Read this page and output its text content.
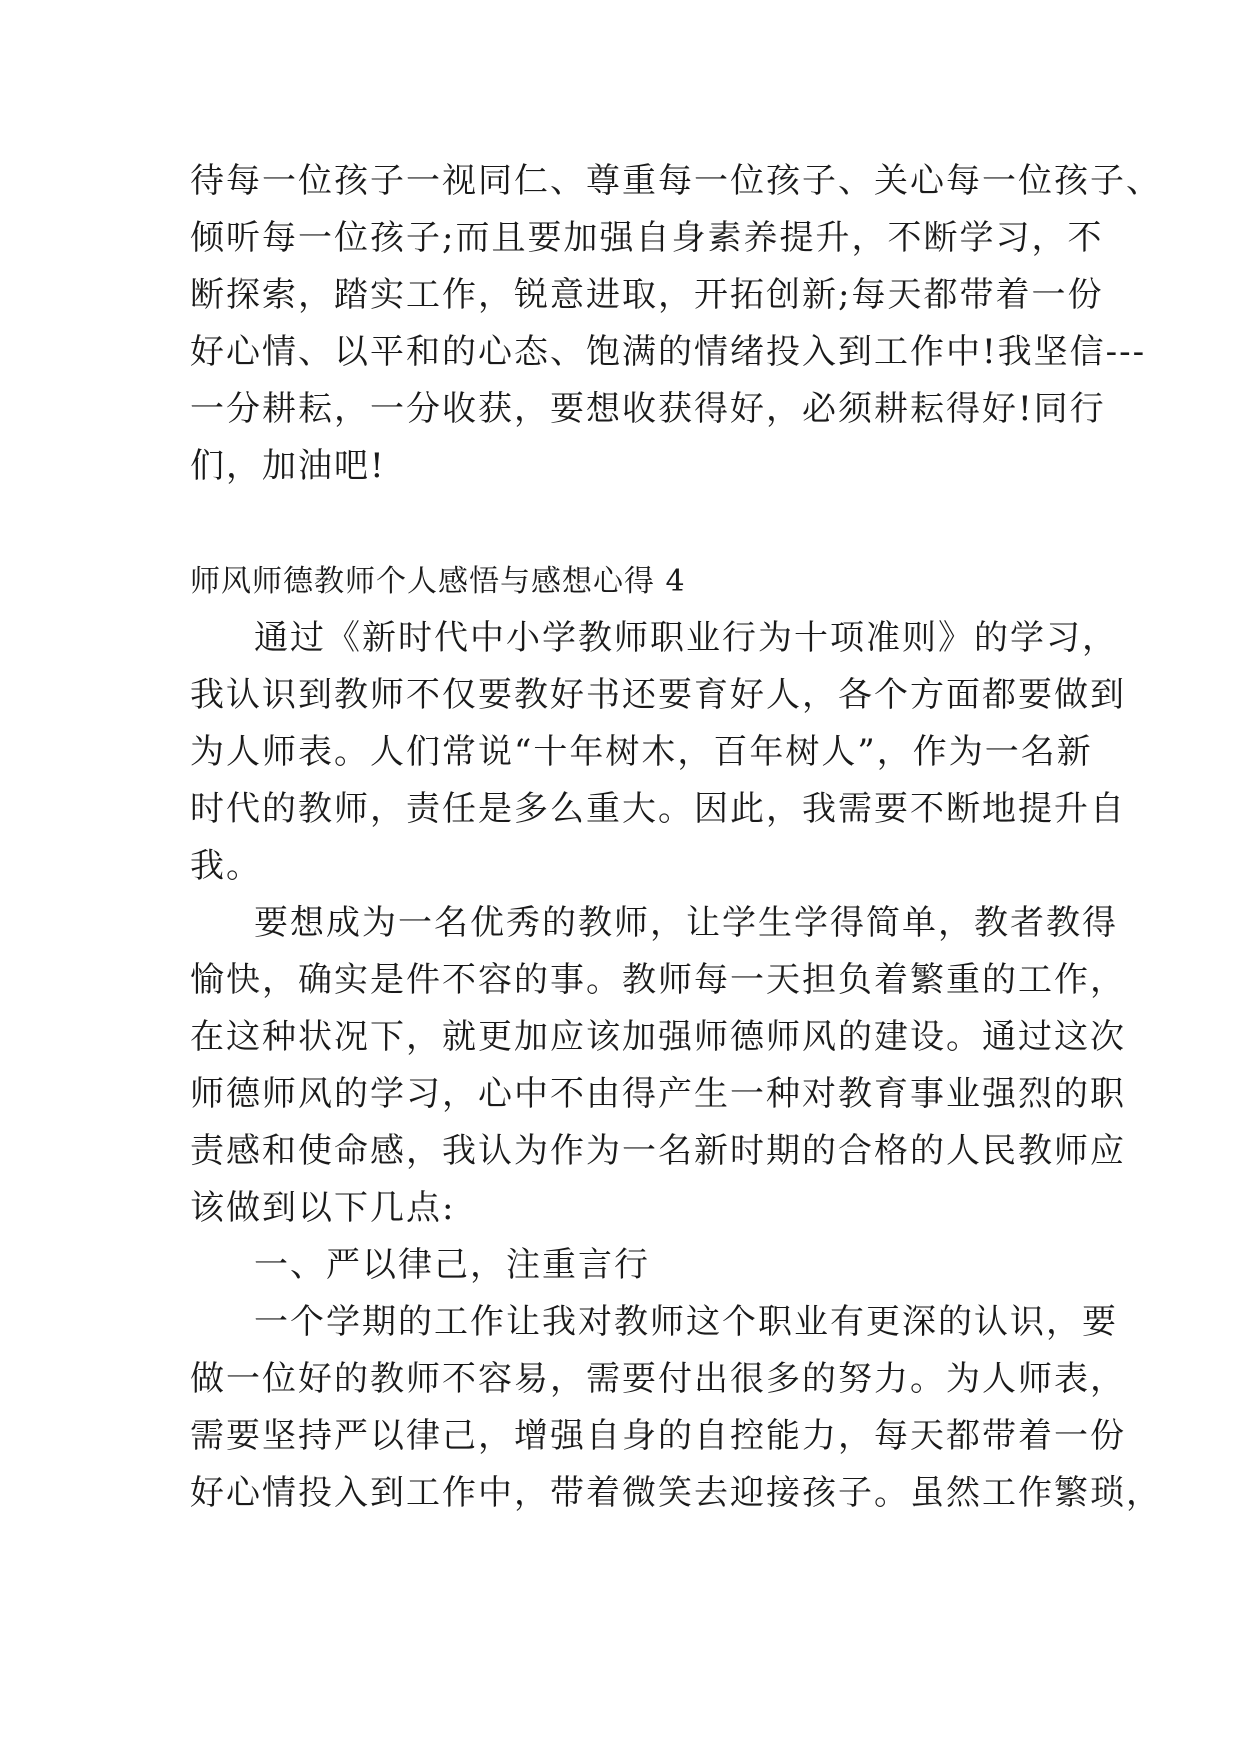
待每一位孩子一视同仁、尊重每一位孩子、关心每一位孩子、
倾听每一位孩子;而且要加强自身素养提升，不断学习，不
断探索，踏实工作，锐意进取，开拓创新;每天都带着一份
好心情、以平和的心态、饱满的情绪投入到工作中!我坚信---
一分耕耘，一分收获，要想收获得好，必须耕耘得好!同行
们，加油吧!
师风师德教师个人感悟与感想心得 4
通过《新时代中小学教师职业行为十项准则》的学习，
我认识到教师不仅要教好书还要育好人，各个方面都要做到
为人师表。人们常说“十年树木，百年树人”，作为一名新
时代的教师，责任是多么重大。因此，我需要不断地提升自
我。
要想成为一名优秀的教师，让学生学得简单，教者教得
愉快，确实是件不容的事。教师每一天担负着繁重的工作，
在这种状况下，就更加应该加强师德师风的建设。通过这次
师德师风的学习，心中不由得产生一种对教育事业强烈的职
责感和使命感，我认为作为一名新时期的合格的人民教师应
该做到以下几点:
一、严以律己，注重言行
一个学期的工作让我对教师这个职业有更深的认识，要
做一位好的教师不容易，需要付出很多的努力。为人师表，
需要坚持严以律己，增强自身的自控能力，每天都带着一份
好心情投入到工作中，带着微笑去迎接孩子。虽然工作繁琐，
